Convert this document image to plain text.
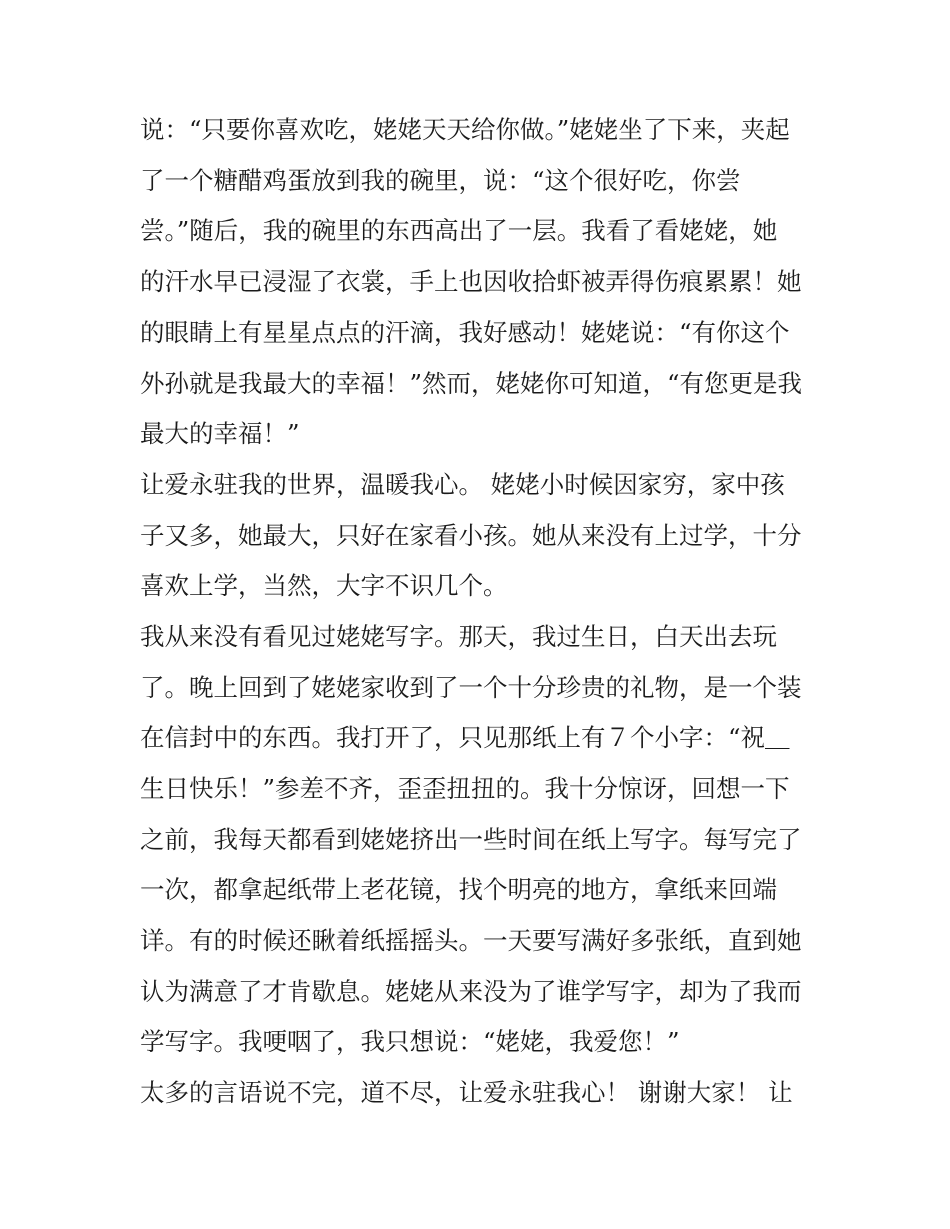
说：“只要你喜欢吃，姥姥天天给你做。”姥姥坐了下来，夹起
了一个糖醋鸡蛋放到我的碗里，说：“这个很好吃，你尝
尝。”随后，我的碗里的东西高出了一层。我看了看姥姥，她
的汗水早已浸湿了衣裳，手上也因收拾虾被弄得伤痕累累！她
的眼睛上有星星点点的汗滴，我好感动！姥姥说：“有你这个
外孙就是我最大的幸福！”然而，姥姥你可知道，“有您更是我
最大的幸福！”
让爱永驻我的世界，温暖我心。 姥姥小时候因家穷，家中孩
子又多，她最大，只好在家看小孩。她从来没有上过学，十分
喜欢上学，当然，大字不识几个。
我从来没有看见过姥姥写字。那天，我过生日，白天出去玩
了。晚上回到了姥姥家收到了一个十分珍贵的礼物，是一个装
在信封中的东西。我打开了，只见那纸上有７个小字：“祝＿
生日快乐！”参差不齐，歪歪扭扭的。我十分惊讶，回想一下
之前，我每天都看到姥姥挤出一些时间在纸上写字。每写完了
一次，都拿起纸带上老花镜，找个明亮的地方，拿纸来回端
详。有的时候还瞅着纸摇摇头。一天要写满好多张纸，直到她
认为满意了才肯歇息。姥姥从来没为了谁学写字，却为了我而
学写字。我哽咽了，我只想说：“姥姥，我爱您！”
太多的言语说不完，道不尽，让爱永驻我心！ 谢谢大家！ 让
